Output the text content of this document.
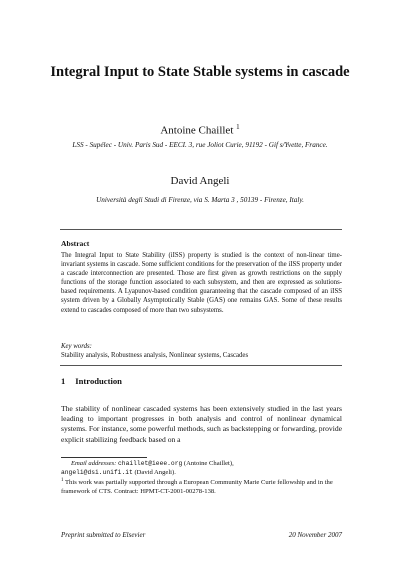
Integral Input to State Stable systems in cascade
Antoine Chaillet $^1$
LSS - Supélec - Univ. Paris Sud - EECI. 3, rue Joliot Curie, 91192 - Gif s/Yvette, France.
David Angeli
Università degli Studi di Firenze, via S. Marta 3 , 50139 - Firenze, Italy.
Abstract

The Integral Input to State Stability (iISS) property is studied is the context of non-linear time-invariant systems in cascade. Some sufficient conditions for the preservation of the iISS property under a cascade interconnection are presented. Those are first given as growth restrictions on the supply functions of the storage function associated to each subsystem, and then are expressed as solutions-based requirements. A Lyapunov-based condition guaranteeing that the cascade composed of an iISS system driven by a Globally Asymptotically Stable (GAS) one remains GAS. Some of these results extend to cascades composed of more than two subsystems.

Key words:
Stability analysis, Robustness analysis, Nonlinear systems, Cascades
1 Introduction

The stability of nonlinear cascaded systems has been extensively studied in the last years leading to important progresses in both analysis and control of nonlinear dynamical systems. For instance, some powerful methods, such as backstepping or forwarding, provide explicit stabilizing feedback based on a

Email addresses: chaillet@ieee.org (Antoine Chaillet),
angeli@dsi.unifi.it (David Angeli).
$^1$ This work was partially supported through a European Community Marie Curie fellowship and in the framework of CTS. Contract: HPMT-CT-2001-00278-138.
Preprint submitted to Elsevier	20 November 2007
